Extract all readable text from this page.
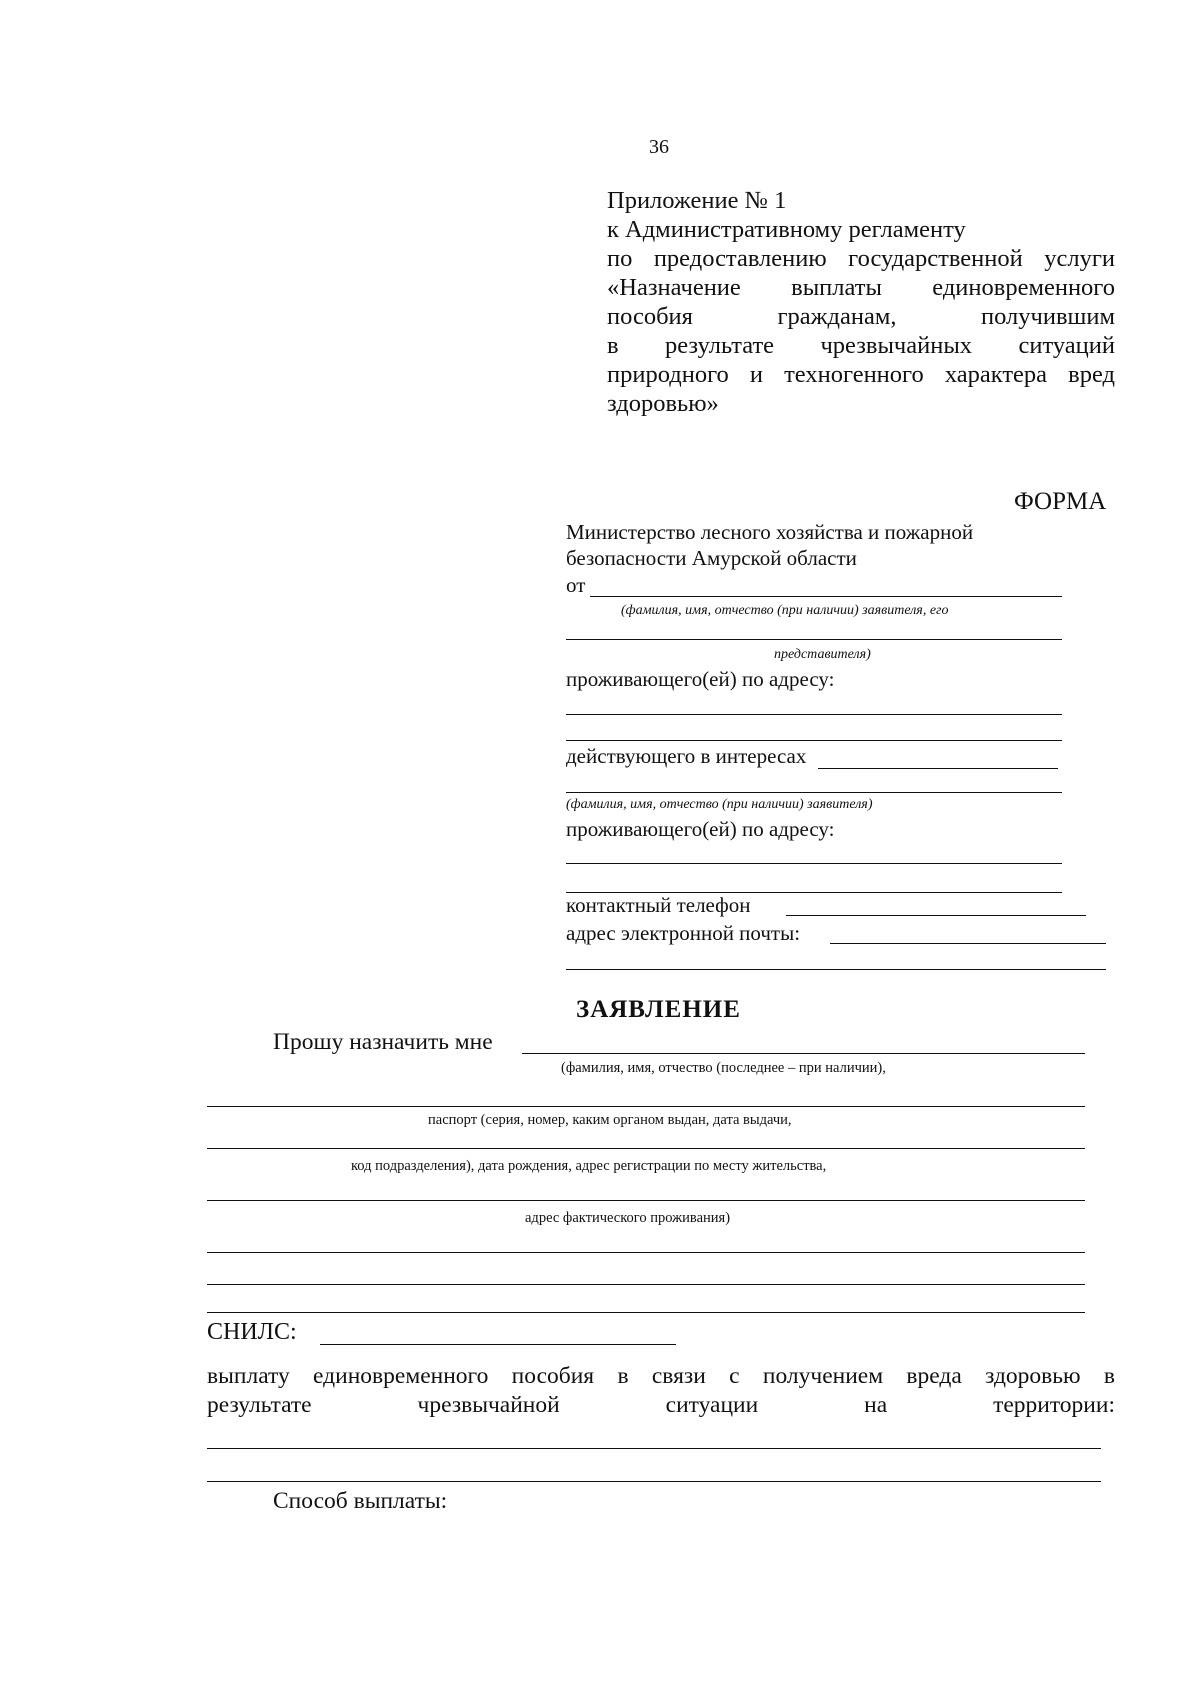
36
Приложение № 1
к Административному регламенту
по предоставлению государственной услуги
«Назначение выплаты единовременного
пособия гражданам, получившим
в результате чрезвычайных ситуаций
природного и техногенного характера вред
здоровью»
ФОРМА
Министерство лесного хозяйства и пожарной
безопасности Амурской области
от
(фамилия, имя, отчество (при наличии) заявителя, его
представителя)
проживающего(ей) по адресу:
действующего в интересах
(фамилия, имя, отчество (при наличии) заявителя)
проживающего(ей) по адресу:
контактный телефон
адрес электронной почты:
ЗАЯВЛЕНИЕ
Прошу назначить мне
(фамилия, имя, отчество (последнее – при наличии),
паспорт (серия, номер, каким органом выдан, дата выдачи,
код подразделения), дата рождения, адрес регистрации по месту жительства,
адрес фактического проживания)
СНИЛС:
выплату единовременного пособия в связи с получением вреда здоровью в
результате чрезвычайной ситуации на территории:
Способ выплаты:
